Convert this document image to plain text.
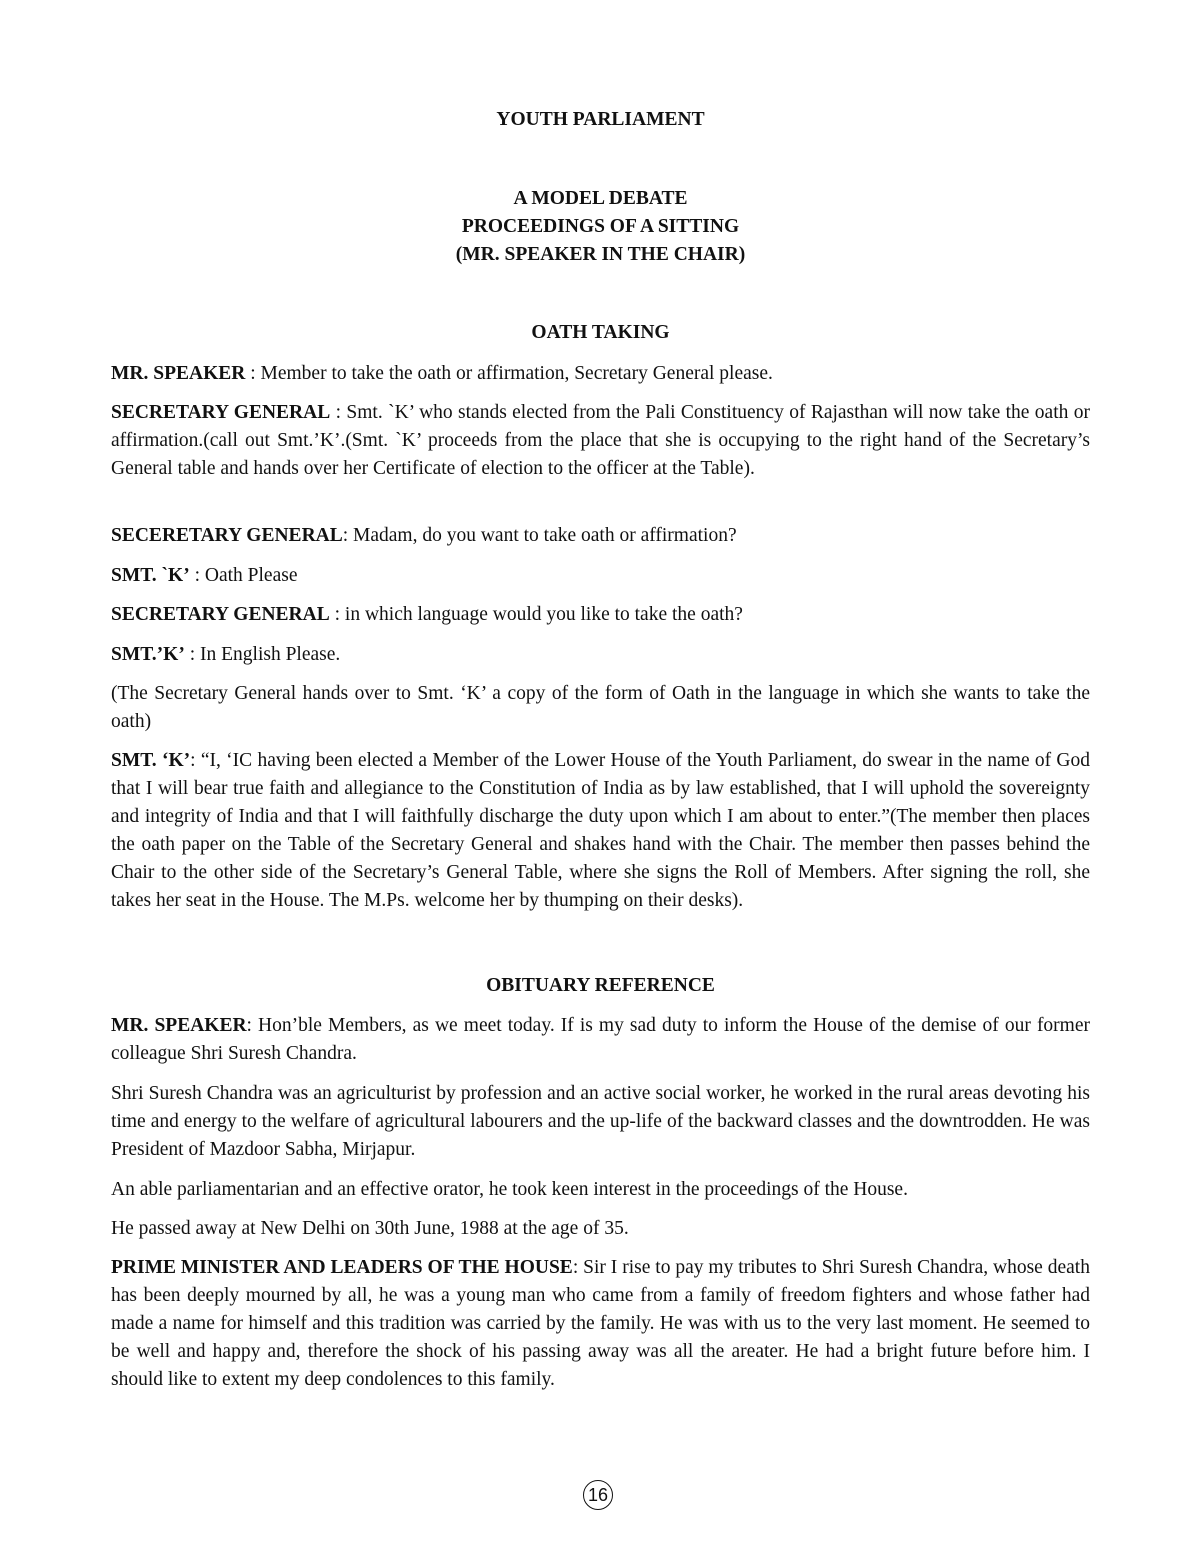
YOUTH PARLIAMENT
A MODEL DEBATE
PROCEEDINGS OF A SITTING
(MR. SPEAKER IN THE CHAIR)
OATH TAKING

MR. SPEAKER : Member to take the oath or affirmation, Secretary General please.

SECRETARY GENERAL : Smt. `K’ who stands elected from the Pali Constituency of Rajasthan will now take the oath or affirmation.(call out Smt.’K’.(Smt. `K’ proceeds from the place that she is occupying to the right hand of the Secretary’s General table and hands over her Certificate of election to the officer at the Table).

SECERETARY GENERAL: Madam, do you want to take oath or affirmation?

SMT. `K’ : Oath Please

SECRETARY GENERAL : in which language would you like to take the oath?

SMT.’K’ : In English Please.

(The Secretary General hands over to Smt. ‘K’ a copy of the form of Oath in the language in which she wants to take the oath)

SMT. ‘K’: “I, ‘IC having been elected a Member of the Lower House of the Youth Parliament, do swear in the name of God that I will bear true faith and allegiance to the Constitution of India as by law established, that I will uphold the sovereignty and integrity of India and that I will faithfully discharge the duty upon which I am about to enter.”(The member then places the oath paper on the Table of the Secretary General and shakes hand with the Chair. The member then passes behind the Chair to the other side of the Secretary’s General Table, where she signs the Roll of Members. After signing the roll, she takes her seat in the House. The M.Ps. welcome her by thumping on their desks).

OBITUARY REFERENCE

MR. SPEAKER: Hon’ble Members, as we meet today. If is my sad duty to inform the House of the demise of our former colleague Shri Suresh Chandra.

Shri Suresh Chandra was an agriculturist by profession and an active social worker, he worked in the rural areas devoting his time and energy to the welfare of agricultural labourers and the up-life of the backward classes and the downtrodden. He was President of Mazdoor Sabha, Mirjapur.

An able parliamentarian and an effective orator, he took keen interest in the proceedings of the House.

He passed away at New Delhi on 30th June, 1988 at the age of 35.

PRIME MINISTER AND LEADERS OF THE HOUSE: Sir I rise to pay my tributes to Shri Suresh Chandra, whose death has been deeply mourned by all, he was a young man who came from a family of freedom fighters and whose father had made a name for himself and this tradition was carried by the family. He was with us to the very last moment. He seemed to be well and happy and, therefore the shock of his passing away was all the areater. He had a bright future before him. I should like to extent my deep condolences to this family.

16
